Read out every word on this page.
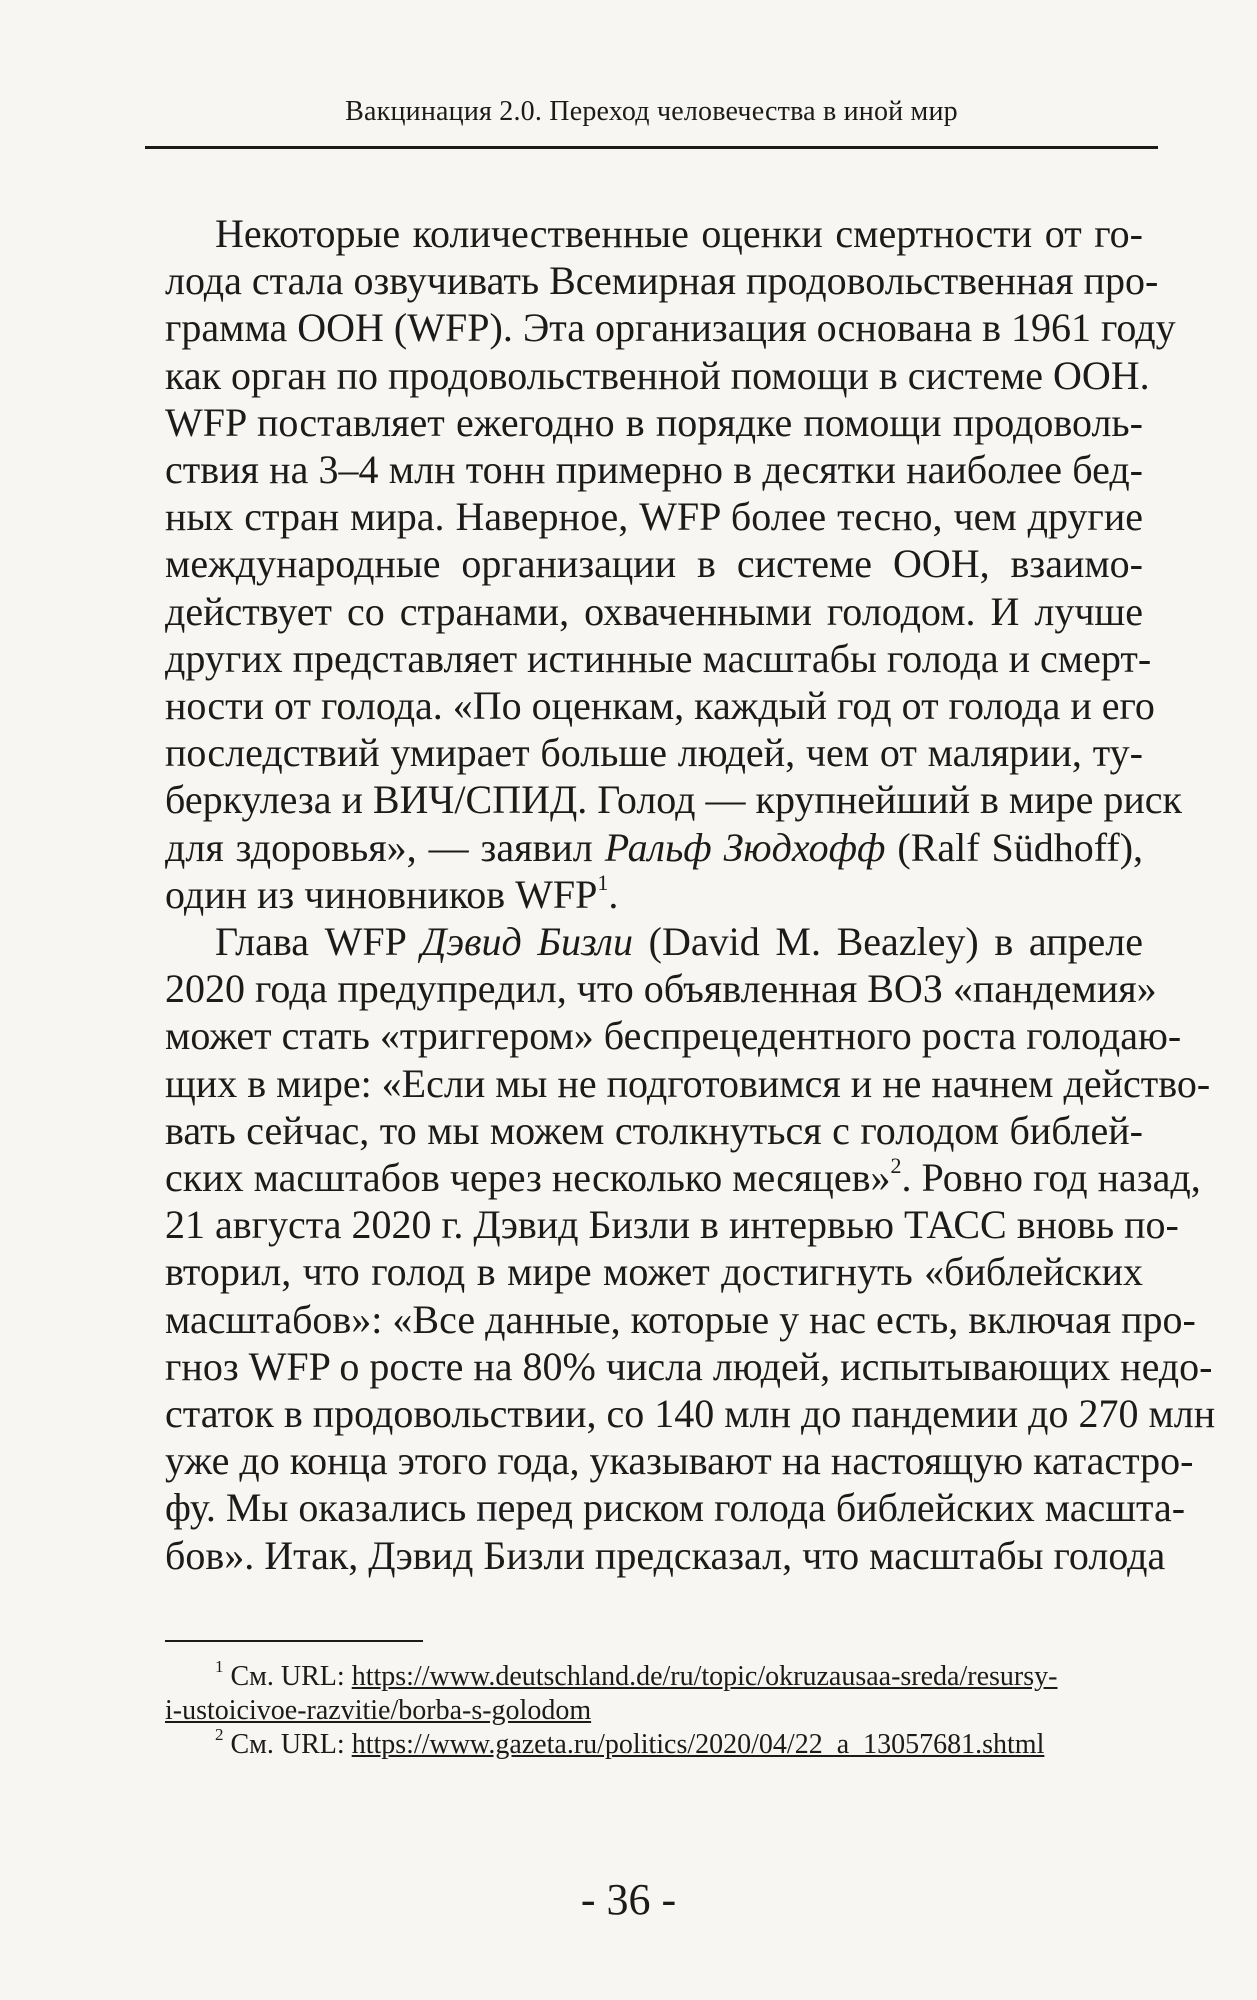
Вакцинация 2.0. Переход человечества в иной мир
Некоторые количественные оценки смертности от го-
лода стала озвучивать Всемирная продовольственная про-
грамма ООН (WFP). Эта организация основана в 1961 году
как орган по продовольственной помощи в системе ООН.
WFP поставляет ежегодно в порядке помощи продоволь-
ствия на 3–4 млн тонн примерно в десятки наиболее бед-
ных стран мира. Наверное, WFP более тесно, чем другие
международные организации в системе ООН, взаимо-
действует со странами, охваченными голодом. И лучше
других представляет истинные масштабы голода и смерт-
ности от голода. «По оценкам, каждый год от голода и его
последствий умирает больше людей, чем от малярии, ту-
беркулеза и ВИЧ/СПИД. Голод — крупнейший в мире риск
для здоровья», — заявил Ральф Зюдхофф (Ralf Südhoff),
один из чиновников WFP$^1$.
Глава WFP Дэвид Бизли (David M. Beazley) в апреле
2020 года предупредил, что объявленная ВОЗ «пандемия»
может стать «триггером» беспрецедентного роста голодаю-
щих в мире: «Если мы не подготовимся и не начнем действо-
вать сейчас, то мы можем столкнуться с голодом библей-
ских масштабов через несколько месяцев»$^2$. Ровно год назад,
21 августа 2020 г. Дэвид Бизли в интервью ТАСС вновь по-
вторил, что голод в мире может достигнуть «библейских
масштабов»: «Все данные, которые у нас есть, включая про-
гноз WFP о росте на 80% числа людей, испытывающих недо-
статок в продовольствии, со 140 млн до пандемии до 270 млн
уже до конца этого года, указывают на настоящую катастро-
фу. Мы оказались перед риском голода библейских масшта-
бов». Итак, Дэвид Бизли предсказал, что масштабы голода
$^1$ См. URL: https://www.deutschland.de/ru/topic/okruzausaa-sreda/resursy-
i-ustoicivoe-razvitie/borba-s-golodom
$^2$ См. URL: https://www.gazeta.ru/politics/2020/04/22_a_13057681.shtml
- 36 -
